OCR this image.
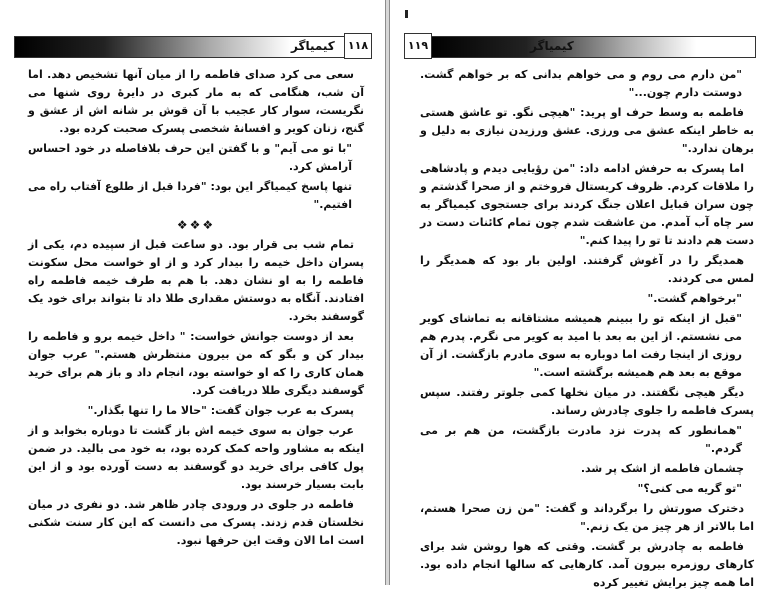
کیمیاگر	۱۱۸

سعی می کرد صدای فاطمه را از میان آنها تشخیص دهد. اما آن شب، هنگامی که به مار کبری در دایرهٔ روی شنها می نگریست، سوار کار عجیب با آن قوش بر شانه اش از عشق و گنج، زنان کویر و افسانهٔ شخصی پسرک صحبت کرده بود.

"با تو می آیم" و با گفتن این حرف بلافاصله در خود احساس آرامش کرد.

تنها پاسخ کیمیاگر این بود: "فردا قبل از طلوع آفتاب راه می افتیم."

❖❖❖

تمام شب بی قرار بود. دو ساعت قبل از سپیده دم، یکی از پسران داخل خیمه را بیدار کرد و از او خواست محل سکونت فاطمه را به او نشان دهد. با هم به طرف خیمه فاطمه راه افتادند. آنگاه به دوستش مقداری طلا داد تا بتواند برای خود یک گوسفند بخرد.

بعد از دوست جوانش خواست: " داخل خیمه برو و فاطمه را بیدار کن و بگو که من بیرون منتظرش هستم." عرب جوان همان کاری را که او خواسته بود، انجام داد و باز هم برای خرید گوسفند دیگری طلا دریافت کرد.

پسرک به عرب جوان گفت: "حالا ما را تنها بگذار."

عرب جوان به سوی خیمه اش باز گشت تا دوباره بخوابد و از اینکه به مشاور واحه کمک کرده بود، به خود می بالید. در ضمن پول کافی برای خرید دو گوسفند به دست آورده بود و از این بابت بسیار خرسند بود.

فاطمه در جلوی در ورودی چادر ظاهر شد. دو نفری در میان نخلستان قدم زدند. پسرک می دانست که این کار سنت شکنی است اما الان وقت این حرفها نبود.

کیمیاگر
۱۱۹

"من دارم می روم و می خواهم بدانی که بر خواهم گشت. دوستت دارم چون..."

فاطمه به وسط حرف او پرید: "هیچی نگو. تو عاشق هستی به خاطر اینکه عشق می ورزی. عشق ورزیدن نیازی به دلیل و برهان ندارد."

اما پسرک به حرفش ادامه داد: "من رؤیایی دیدم و پادشاهی را ملاقات کردم. ظروف کریستال فروختم و از صحرا گذشتم و چون سران قبایل اعلان جنگ کردند برای جستجوی کیمیاگر به سر چاه آب آمدم. من عاشقت شدم چون تمام کائنات دست در دست هم دادند تا تو را پیدا کنم."

همدیگر را در آغوش گرفتند. اولین بار بود که همدیگر را لمس می کردند.

"برخواهم گشت."

"قبل از اینکه تو را ببینم همیشه مشتاقانه به تماشای کویر می نشستم. از این به بعد با امید به کویر می نگرم. پدرم هم روزی از اینجا رفت اما دوباره به سوی مادرم بازگشت. از آن موقع به بعد هم همیشه برگشته است."

دیگر هیچی نگفتند. در میان نخلها کمی جلوتر رفتند. سپس پسرک فاطمه را جلوی چادرش رساند.

"همانطور که پدرت نزد مادرت بازگشت، من هم بر می گردم."

چشمان فاطمه از اشک پر شد.

"تو گریه می کنی؟"

دخترک صورتش را برگرداند و گفت: "من زن صحرا هستم، اما بالاتر از هر چیز من یک زنم."

فاطمه به چادرش بر گشت. وقتی که هوا روشن شد برای کارهای روزمره بیرون آمد. کارهایی که سالها انجام داده بود. اما همه چیز برایش تغییر کرده
